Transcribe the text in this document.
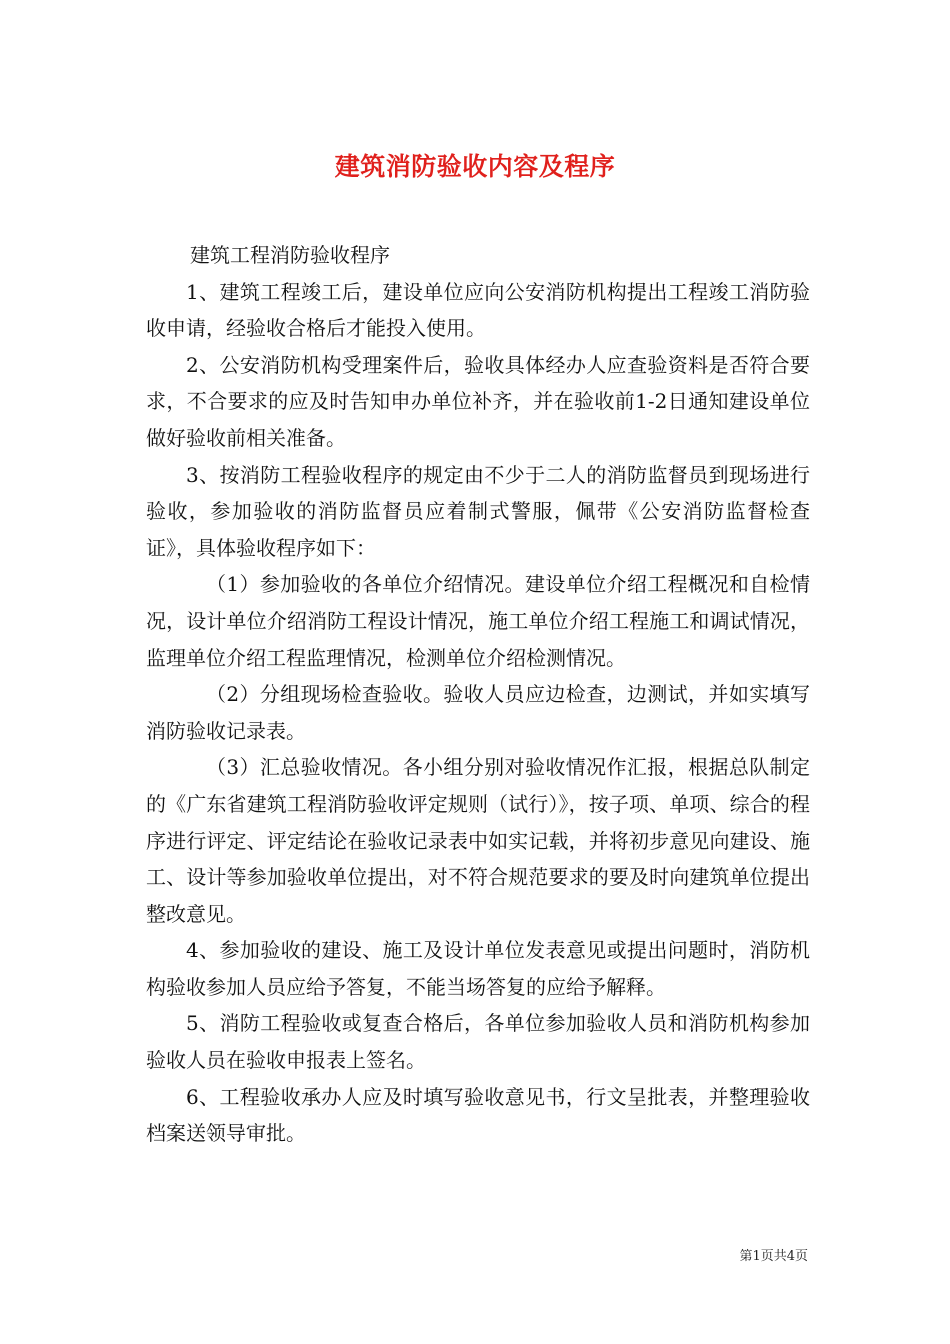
建筑消防验收内容及程序

建筑工程消防验收程序

1、建筑工程竣工后，建设单位应向公安消防机构提出工程竣工消防验收申请，经验收合格后才能投入使用。

2、公安消防机构受理案件后，验收具体经办人应查验资料是否符合要求，不合要求的应及时告知申办单位补齐，并在验收前1-2日通知建设单位做好验收前相关准备。

3、按消防工程验收程序的规定由不少于二人的消防监督员到现场进行验收，参加验收的消防监督员应着制式警服，佩带《公安消防监督检查证》，具体验收程序如下：

（1）参加验收的各单位介绍情况。建设单位介绍工程概况和自检情况，设计单位介绍消防工程设计情况，施工单位介绍工程施工和调试情况，监理单位介绍工程监理情况，检测单位介绍检测情况。

（2）分组现场检查验收。验收人员应边检查，边测试，并如实填写消防验收记录表。

（3）汇总验收情况。各小组分别对验收情况作汇报，根据总队制定的《广东省建筑工程消防验收评定规则（试行）》，按子项、单项、综合的程序进行评定、评定结论在验收记录表中如实记载，并将初步意见向建设、施工、设计等参加验收单位提出，对不符合规范要求的要及时向建筑单位提出整改意见。

4、参加验收的建设、施工及设计单位发表意见或提出问题时，消防机构验收参加人员应给予答复，不能当场答复的应给予解释。

5、消防工程验收或复查合格后，各单位参加验收人员和消防机构参加验收人员在验收申报表上签名。

6、工程验收承办人应及时填写验收意见书，行文呈批表，并整理验收档案送领导审批。

第1页共4页
